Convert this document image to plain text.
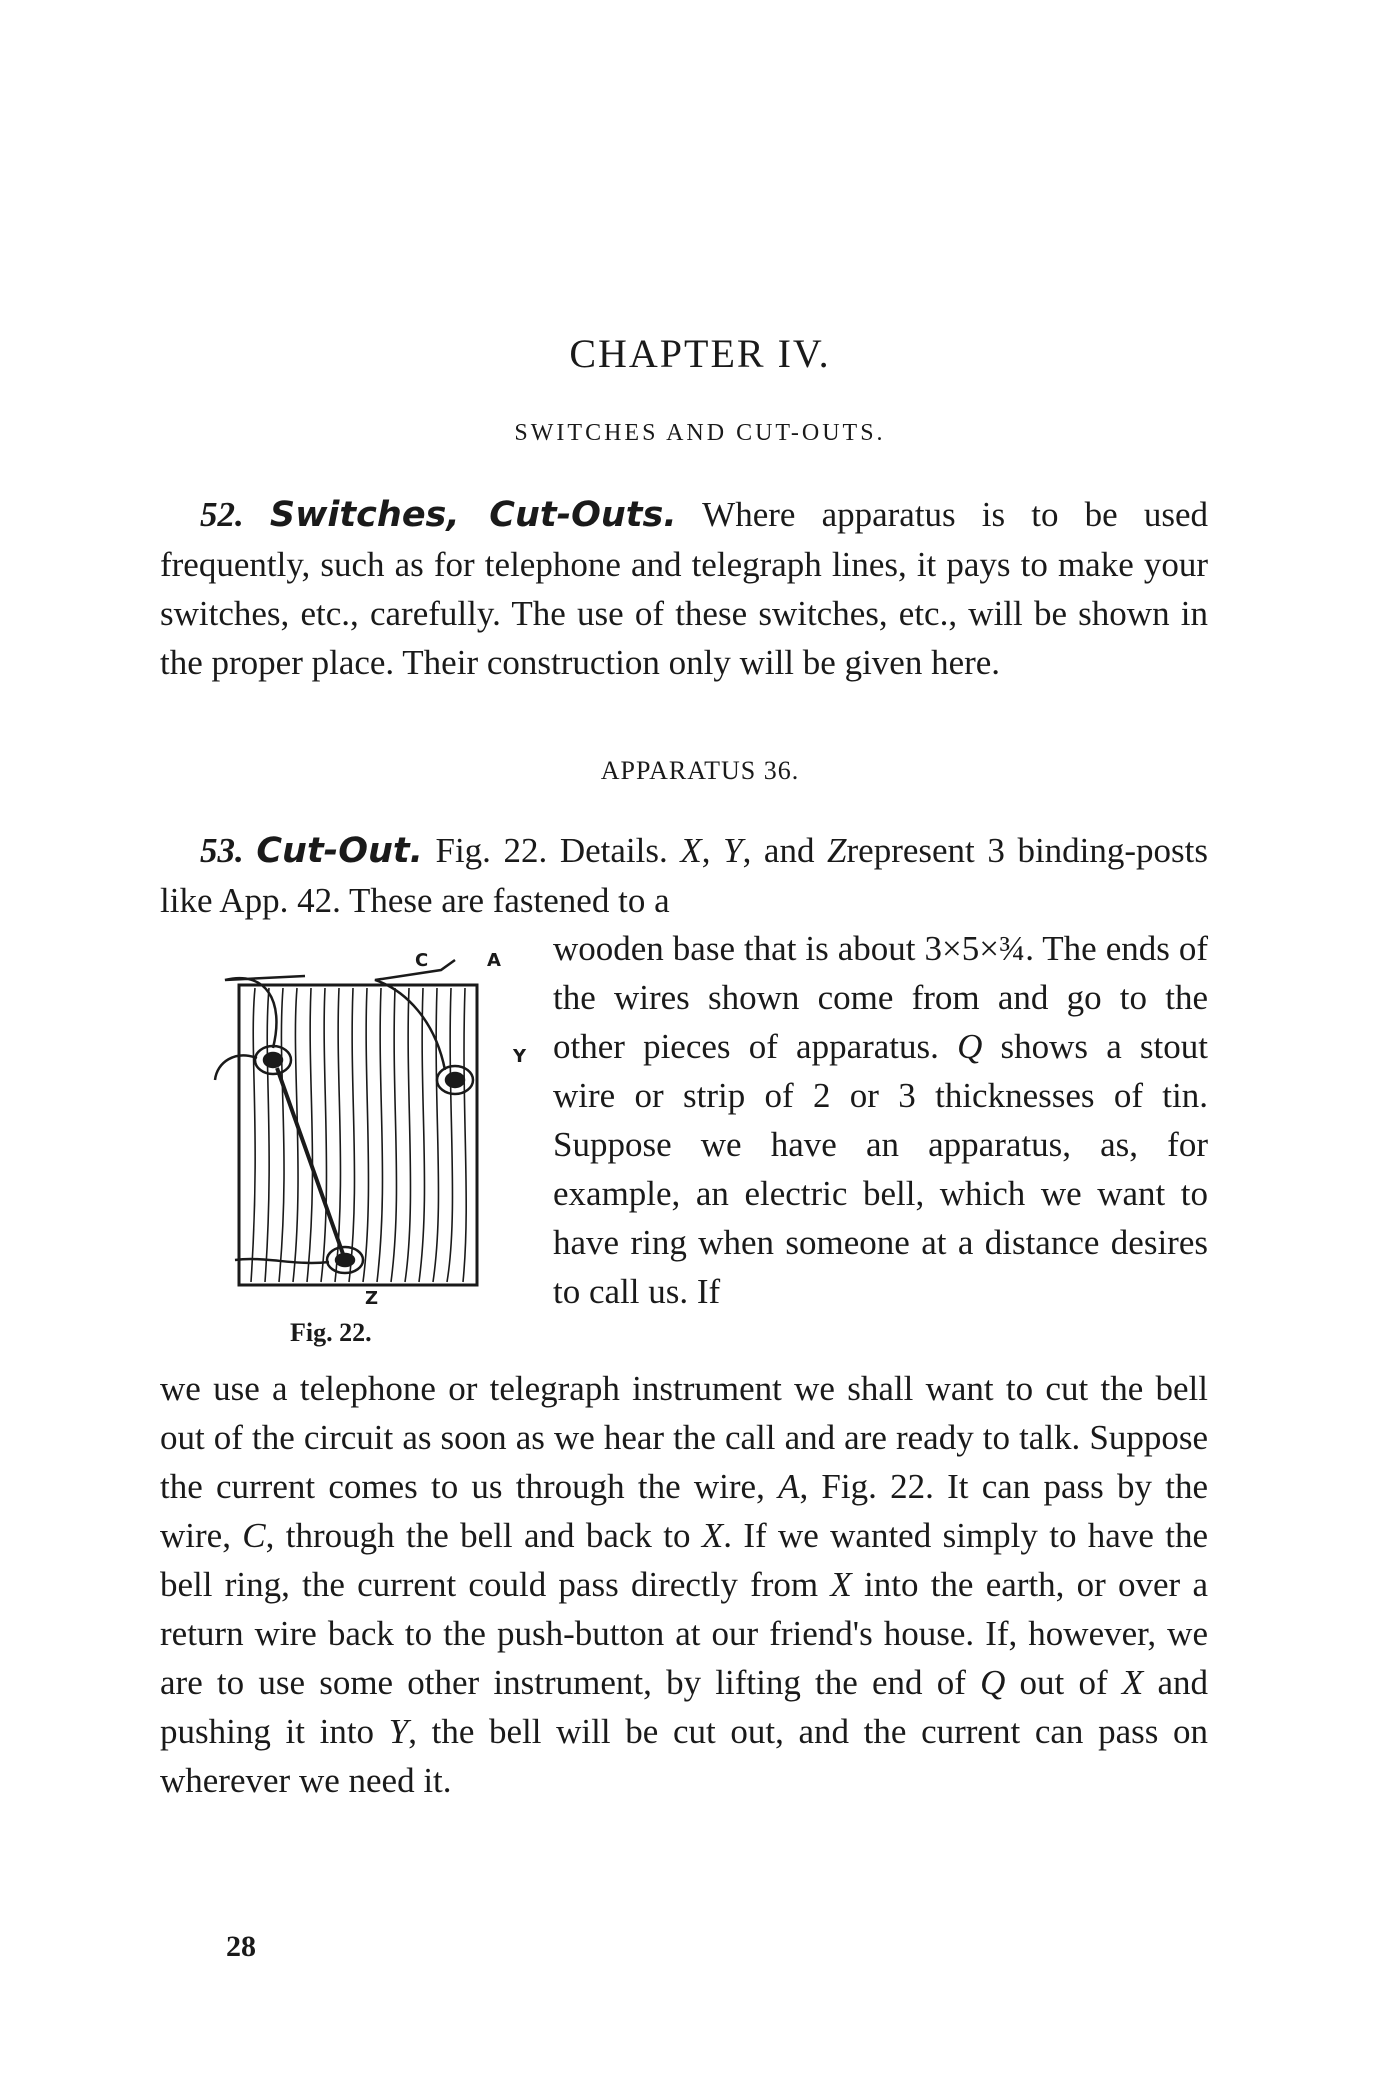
CHAPTER IV.
SWITCHES AND CUT-OUTS.
52. Switches, Cut-Outs. Where apparatus is to be used frequently, such as for telephone and telegraph lines, it pays to make your switches, etc., carefully. The use of these switches, etc., will be shown in the proper place. Their construction only will be given here.
APPARATUS 36.
53. Cut-Out. Fig. 22. Details. X, Y, and Zrepresent 3 binding-posts like App. 42. These are fastened to a
wooden base that is about 3×5×¾. The ends of the wires shown come from and go to the other pieces of apparatus. Q shows a stout wire or strip of 2 or 3 thicknesses of tin. Suppose we have an apparatus, as, for example, an electric bell, which we want to have ring when someone at a distance desires to call us. If
we use a telephone or telegraph instrument we shall want to cut the bell out of the circuit as soon as we hear the call and are ready to talk. Suppose the current comes to us through the wire, A, Fig. 22. It can pass by the wire, C, through the bell and back to X. If we wanted simply to have the bell ring, the current could pass directly from X into the earth, or over a return wire back to the push-button at our friend's house. If, however, we are to use some other instrument, by lifting the end of Q out of X and pushing it into Y, the bell will be cut out, and the current can pass on wherever we need it.
C	A
Y
Z
Fig. 22.
28
